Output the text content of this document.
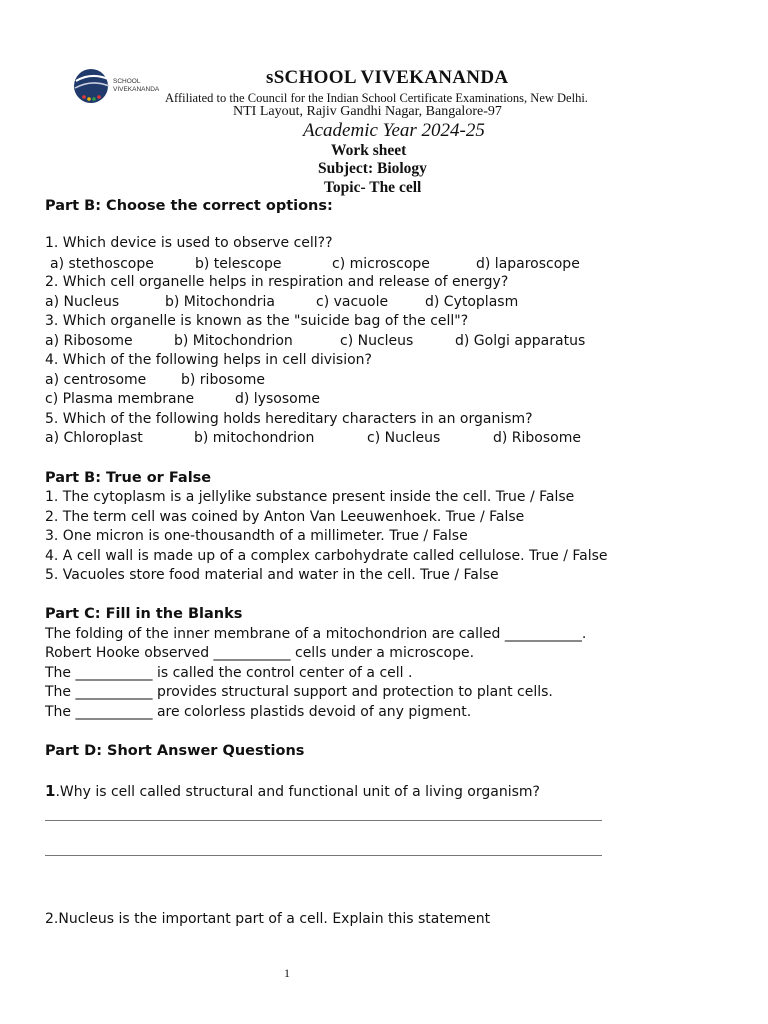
SCHOOL
VIVEKANANDA
sSCHOOL VIVEKANANDA
Affiliated to the Council for the Indian School Certificate Examinations, New Delhi.
NTI Layout, Rajiv Gandhi Nagar, Bangalore-97
Academic Year 2024-25
Work sheet
Subject: Biology
Topic- The cell
Part B: Choose the correct options:
1. Which device is used to observe cell??
a) stethoscope	b) telescope	c) microscope	d) laparoscope
2. Which cell organelle helps in respiration and release of energy?
a) Nucleus	b) Mitochondria	c) vacuole	d) Cytoplasm
3. Which organelle is known as the "suicide bag of the cell"?
a) Ribosome	b) Mitochondrion	c) Nucleus	d) Golgi apparatus
4. Which of the following helps in cell division?
a) centrosome b) ribosome
c) Plasma membrane	d) lysosome
5. Which of the following holds hereditary characters in an organism?
a) Chloroplast	b) mitochondrion	c) Nucleus	d) Ribosome
Part B: True or False
1. The cytoplasm is a jellylike substance present inside the cell. True / False
2. The term cell was coined by Anton Van Leeuwenhoek. True / False
3. One micron is one-thousandth of a millimeter. True / False
4. A cell wall is made up of a complex carbohydrate called cellulose. True / False
5. Vacuoles store food material and water in the cell. True / False
Part C: Fill in the Blanks
The folding of the inner membrane of a mitochondrion are called ___________.
Robert Hooke observed ___________ cells under a microscope.
The ___________ is called the control center of a cell .
The ___________ provides structural support and protection to plant cells.
The ___________ are colorless plastids devoid of any pigment.
Part D: Short Answer Questions
1.Why is cell called structural and functional unit of a living organism?
2.Nucleus is the important part of a cell. Explain this statement
1
